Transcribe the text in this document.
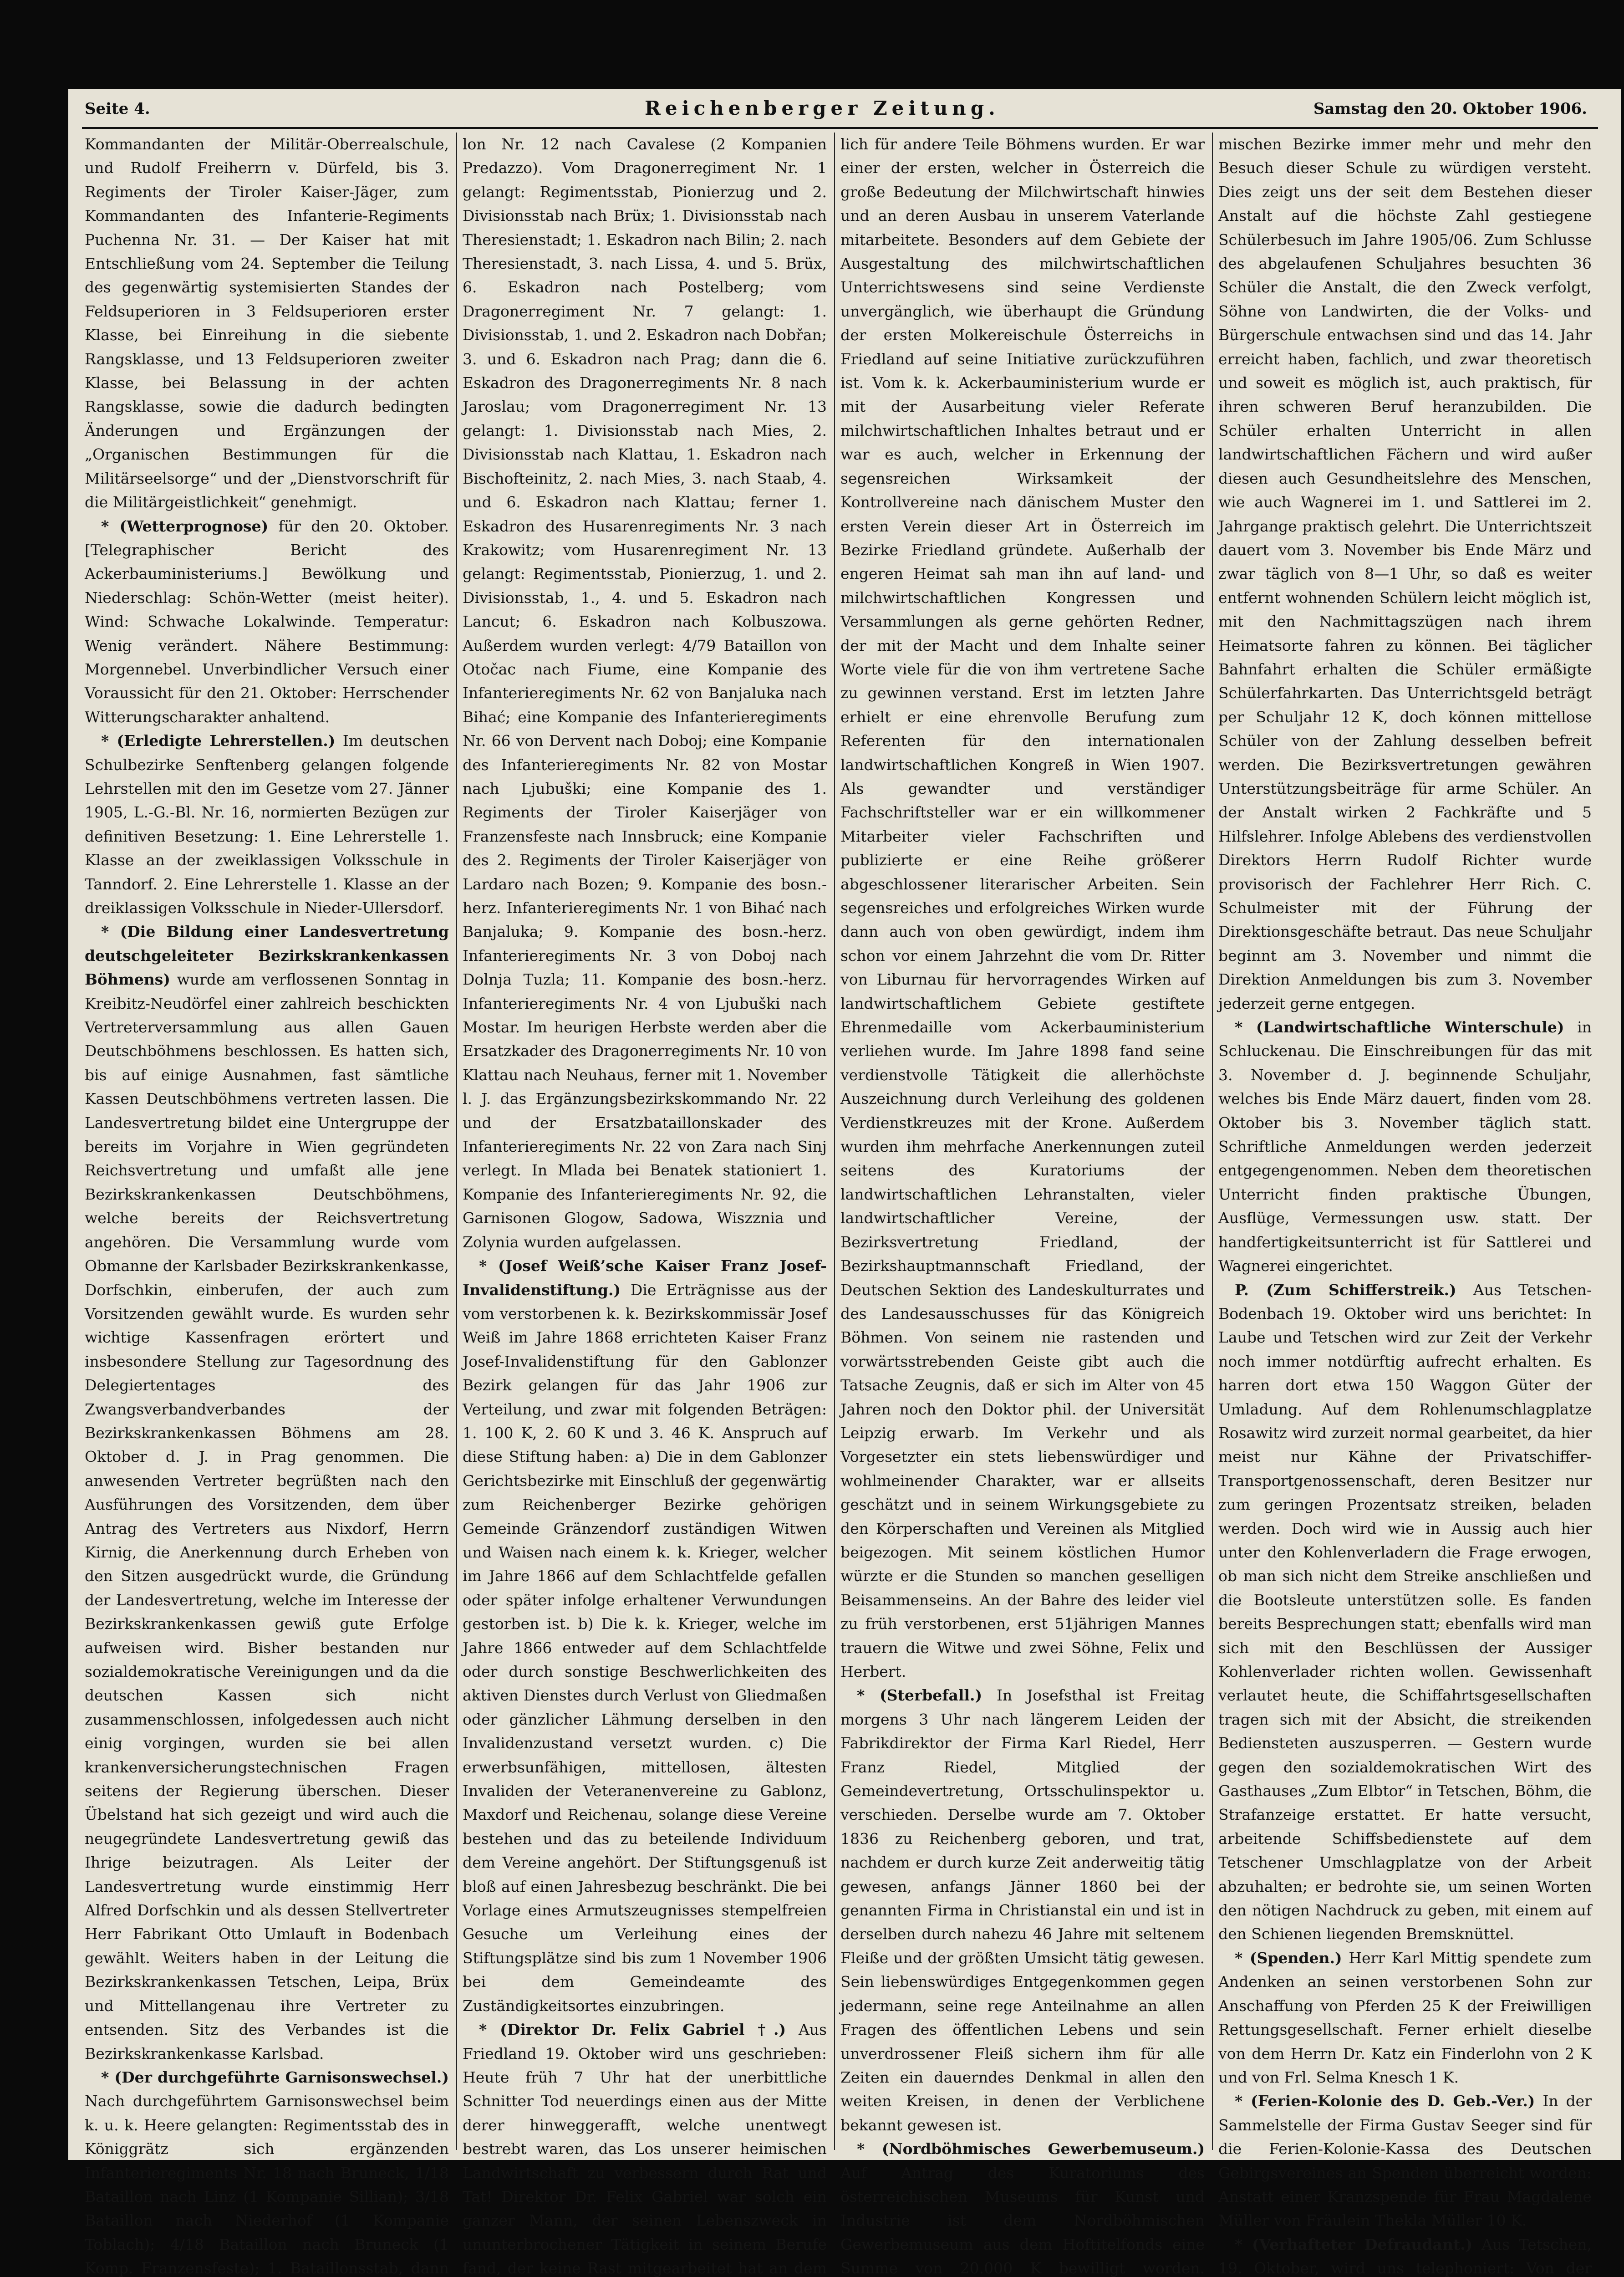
Seite 4.	Reichenberger Zeitung.	Samstag den 20. Oktober 1906.

Kommandanten der Militär-Oberrealschule, und Rudolf Freiherrn v. Dürfeld, bis 3. Regiments der Tiroler Kaiser-Jäger, zum Kommandanten des Infanterie-Regiments Puchenna Nr. 31. — Der Kaiser hat mit Entschließung vom 24. September die Teilung des gegenwärtig systemisierten Standes der Feldsuperioren in 3 Feldsuperioren erster Klasse, bei Einreihung in die siebente Rangsklasse, und 13 Feldsuperioren zweiter Klasse, bei Belassung in der achten Rangsklasse, sowie die dadurch bedingten Änderungen und Ergänzungen der „Organischen Bestimmungen für die Militärseelsorge“ und der „Dienstvorschrift für die Militärgeistlichkeit“ genehmigt.

* (Wetterprognose) für den 20. Oktober. [Telegraphischer Bericht des Ackerbauministeriums.] Bewölkung und Niederschlag: Schön-Wetter (meist heiter). Wind: Schwache Lokalwinde. Temperatur: Wenig verändert. Nähere Bestimmung: Morgennebel. Unverbindlicher Versuch einer Voraussicht für den 21. Oktober: Herrschender Witterungscharakter anhaltend.

* (Erledigte Lehrerstellen.) Im deutschen Schulbezirke Senftenberg gelangen folgende Lehrstellen mit den im Gesetze vom 27. Jänner 1905, L.-G.-Bl. Nr. 16, normierten Bezügen zur definitiven Besetzung: 1. Eine Lehrerstelle 1. Klasse an der zweiklassigen Volksschule in Tanndorf. 2. Eine Lehrerstelle 1. Klasse an der dreiklassigen Volksschule in Nieder-Ullersdorf.

* (Die Bildung einer Landesvertretung deutschgeleiteter Bezirkskrankenkassen Böhmens) wurde am verflossenen Sonntag in Kreibitz-Neudörfel einer zahlreich beschickten Vertreterversammlung aus allen Gauen Deutschböhmens beschlossen. Es hatten sich, bis auf einige Ausnahmen, fast sämtliche Kassen Deutschböhmens vertreten lassen. Die Landesvertretung bildet eine Untergruppe der bereits im Vorjahre in Wien gegründeten Reichsvertretung und umfaßt alle jene Bezirkskrankenkassen Deutschböhmens, welche bereits der Reichsvertretung angehören. Die Versammlung wurde vom Obmanne der Karlsbader Bezirkskrankenkasse, Dorfschkin, einberufen, der auch zum Vorsitzenden gewählt wurde. Es wurden sehr wichtige Kassenfragen erörtert und insbesondere Stellung zur Tagesordnung des Delegiertentages des Zwangsverbandverbandes der Bezirkskrankenkassen Böhmens am 28. Oktober d. J. in Prag genommen. Die anwesenden Vertreter begrüßten nach den Ausführungen des Vorsitzenden, dem über Antrag des Vertreters aus Nixdorf, Herrn Kirnig, die Anerkennung durch Erheben von den Sitzen ausgedrückt wurde, die Gründung der Landesvertretung, welche im Interesse der Bezirkskrankenkassen gewiß gute Erfolge aufweisen wird. Bisher bestanden nur sozialdemokratische Vereinigungen und da die deutschen Kassen sich nicht zusammenschlossen, infolgedessen auch nicht einig vorgingen, wurden sie bei allen krankenversicherungstechnischen Fragen seitens der Regierung überschen. Dieser Übelstand hat sich gezeigt und wird auch die neugegründete Landesvertretung gewiß das Ihrige beizutragen. Als Leiter der Landesvertretung wurde einstimmig Herr Alfred Dorfschkin und als dessen Stellvertreter Herr Fabrikant Otto Umlauft in Bodenbach gewählt. Weiters haben in der Leitung die Bezirkskrankenkassen Tetschen, Leipa, Brüx und Mittellangenau ihre Vertreter zu entsenden. Sitz des Verbandes ist die Bezirkskrankenkasse Karlsbad.

* (Der durchgeführte Garnisonswechsel.) Nach durchgeführtem Garnisonswechsel beim k. u. k. Heere gelangten: Regimentsstab des in Königgrätz sich ergänzenden Infanterieregiments Nr. 18 nach Bruneck, 1/18 Bataillon nach Linz (1 Kompanie Sillian); 3/18 Bataillon nach Niederhof (1 Kompanie Toblach); 4/18 Bataillon nach Bruneck (1 Komp. Franzensfeste); 1. Bataillonsstab, dann

lon Nr. 12 nach Cavalese (2 Kompanien Predazzo). Vom Dragonerregiment Nr. 1 gelangt: Regimentsstab, Pionierzug und 2. Divisionsstab nach Brüx; 1. Divisionsstab nach Theresienstadt; 1. Eskadron nach Bilin; 2. nach Theresienstadt, 3. nach Lissa, 4. und 5. Brüx, 6. Eskadron nach Postelberg; vom Dragonerregiment Nr. 7 gelangt: 1. Divisionsstab, 1. und 2. Eskadron nach Dobřan; 3. und 6. Eskadron nach Prag; dann die 6. Eskadron des Dragonerregiments Nr. 8 nach Jaroslau; vom Dragonerregiment Nr. 13 gelangt: 1. Divisionsstab nach Mies, 2. Divisionsstab nach Klattau, 1. Eskadron nach Bischofteinitz, 2. nach Mies, 3. nach Staab, 4. und 6. Eskadron nach Klattau; ferner 1. Eskadron des Husarenregiments Nr. 3 nach Krakowitz; vom Husarenregiment Nr. 13 gelangt: Regimentsstab, Pionierzug, 1. und 2. Divisionsstab, 1., 4. und 5. Eskadron nach Lancut; 6. Eskadron nach Kolbuszowa. Außerdem wurden verlegt: 4/79 Bataillon von Otočac nach Fiume, eine Kompanie des Infanterieregiments Nr. 62 von Banjaluka nach Bihać; eine Kompanie des Infanterieregiments Nr. 66 von Dervent nach Doboj; eine Kompanie des Infanterieregiments Nr. 82 von Mostar nach Ljubuški; eine Kompanie des 1. Regiments der Tiroler Kaiserjäger von Franzensfeste nach Innsbruck; eine Kompanie des 2. Regiments der Tiroler Kaiserjäger von Lardaro nach Bozen; 9. Kompanie des bosn.-herz. Infanterieregiments Nr. 1 von Bihać nach Banjaluka; 9. Kompanie des bosn.-herz. Infanterieregiments Nr. 3 von Doboj nach Dolnja Tuzla; 11. Kompanie des bosn.-herz. Infanterieregiments Nr. 4 von Ljubuški nach Mostar. Im heurigen Herbste werden aber die Ersatzkader des Dragonerregiments Nr. 10 von Klattau nach Neuhaus, ferner mit 1. November l. J. das Ergänzungsbezirkskommando Nr. 22 und der Ersatzbataillonskader des Infanterieregiments Nr. 22 von Zara nach Sinj verlegt. In Mlada bei Benatek stationiert 1. Kompanie des Infanterieregiments Nr. 92, die Garnisonen Glogow, Sadowa, Wiszznia und Zolynia wurden aufgelassen.

* (Josef Weiß’sche Kaiser Franz Josef-Invalidenstiftung.) Die Erträgnisse aus der vom verstorbenen k. k. Bezirkskommissär Josef Weiß im Jahre 1868 errichteten Kaiser Franz Josef-Invalidenstiftung für den Gablonzer Bezirk gelangen für das Jahr 1906 zur Verteilung, und zwar mit folgenden Beträgen: 1. 100 K, 2. 60 K und 3. 46 K. Anspruch auf diese Stiftung haben: a) Die in dem Gablonzer Gerichtsbezirke mit Einschluß der gegenwärtig zum Reichenberger Bezirke gehörigen Gemeinde Gränzendorf zuständigen Witwen und Waisen nach einem k. k. Krieger, welcher im Jahre 1866 auf dem Schlachtfelde gefallen oder später infolge erhaltener Verwundungen gestorben ist. b) Die k. k. Krieger, welche im Jahre 1866 entweder auf dem Schlachtfelde oder durch sonstige Beschwerlichkeiten des aktiven Dienstes durch Verlust von Gliedmaßen oder gänzlicher Lähmung derselben in den Invalidenzustand versetzt wurden. c) Die erwerbsunfähigen, mittellosen, ältesten Invaliden der Veteranenvereine zu Gablonz, Maxdorf und Reichenau, solange diese Vereine bestehen und das zu beteilende Individuum dem Vereine angehört. Der Stiftungsgenuß ist bloß auf einen Jahresbezug beschränkt. Die bei Vorlage eines Armutszeugnisses stempelfreien Gesuche um Verleihung eines der Stiftungsplätze sind bis zum 1 November 1906 bei dem Gemeindeamte des Zuständigkeitsortes einzubringen.

* (Direktor Dr. Felix Gabriel †.) Aus Friedland 19. Oktober wird uns geschrieben: Heute früh 7 Uhr hat der unerbittliche Schnitter Tod neuerdings einen aus der Mitte derer hinweggerafft, welche unentwegt bestrebt waren, das Los unserer heimischen Landwirtschaft zu verbessern durch Rat und Tat! Direktor Dr. Felix Gabriel war solch ein ganzer Mann, der seinen Lebenszweck in ununterbrochener Tätigkeit in seinem Berufe fand, der keine Rast mitgearbeitet hat an dem

lich für andere Teile Böhmens wurden. Er war einer der ersten, welcher in Österreich die große Bedeutung der Milchwirtschaft hinwies und an deren Ausbau in unserem Vaterlande mitarbeitete. Besonders auf dem Gebiete der Ausgestaltung des milchwirtschaftlichen Unterrichtswesens sind seine Verdienste unvergänglich, wie überhaupt die Gründung der ersten Molkereischule Österreichs in Friedland auf seine Initiative zurückzuführen ist. Vom k. k. Ackerbauministerium wurde er mit der Ausarbeitung vieler Referate milchwirtschaftlichen Inhaltes betraut und er war es auch, welcher in Erkennung der segensreichen Wirksamkeit der Kontrollvereine nach dänischem Muster den ersten Verein dieser Art in Österreich im Bezirke Friedland gründete. Außerhalb der engeren Heimat sah man ihn auf land- und milchwirtschaftlichen Kongressen und Versammlungen als gerne gehörten Redner, der mit der Macht und dem Inhalte seiner Worte viele für die von ihm vertretene Sache zu gewinnen verstand. Erst im letzten Jahre erhielt er eine ehrenvolle Berufung zum Referenten für den internationalen landwirtschaftlichen Kongreß in Wien 1907. Als gewandter und verständiger Fachschriftsteller war er ein willkommener Mitarbeiter vieler Fachschriften und publizierte er eine Reihe größerer abgeschlossener literarischer Arbeiten. Sein segensreiches und erfolgreiches Wirken wurde dann auch von oben gewürdigt, indem ihm schon vor einem Jahrzehnt die vom Dr. Ritter von Liburnau für hervorragendes Wirken auf landwirtschaftlichem Gebiete gestiftete Ehrenmedaille vom Ackerbauministerium verliehen wurde. Im Jahre 1898 fand seine verdienstvolle Tätigkeit die allerhöchste Auszeichnung durch Verleihung des goldenen Verdienstkreuzes mit der Krone. Außerdem wurden ihm mehrfache Anerkennungen zuteil seitens des Kuratoriums der landwirtschaftlichen Lehranstalten, vieler landwirtschaftlicher Vereine, der Bezirksvertretung Friedland, der Bezirkshauptmannschaft Friedland, der Deutschen Sektion des Landeskulturrates und des Landesausschusses für das Königreich Böhmen. Von seinem nie rastenden und vorwärtsstrebenden Geiste gibt auch die Tatsache Zeugnis, daß er sich im Alter von 45 Jahren noch den Doktor phil. der Universität Leipzig erwarb. Im Verkehr und als Vorgesetzter ein stets liebenswürdiger und wohlmeinender Charakter, war er allseits geschätzt und in seinem Wirkungsgebiete zu den Körperschaften und Vereinen als Mitglied beigezogen. Mit seinem köstlichen Humor würzte er die Stunden so manchen geselligen Beisammenseins. An der Bahre des leider viel zu früh verstorbenen, erst 51jährigen Mannes trauern die Witwe und zwei Söhne, Felix und Herbert.

* (Sterbefall.) In Josefsthal ist Freitag morgens 3 Uhr nach längerem Leiden der Fabrikdirektor der Firma Karl Riedel, Herr Franz Riedel, Mitglied der Gemeindevertretung, Ortsschulinspektor u. verschieden. Derselbe wurde am 7. Oktober 1836 zu Reichenberg geboren, und trat, nachdem er durch kurze Zeit anderweitig tätig gewesen, anfangs Jänner 1860 bei der genannten Firma in Christianstal ein und ist in derselben durch nahezu 46 Jahre mit seltenem Fleiße und der größten Umsicht tätig gewesen. Sein liebenswürdiges Entgegenkommen gegen jedermann, seine rege Anteilnahme an allen Fragen des öffentlichen Lebens und sein unverdrossener Fleiß sichern ihm für alle Zeiten ein dauerndes Denkmal in allen den weiten Kreisen, in denen der Verblichene bekannt gewesen ist.

* (Nordböhmisches Gewerbemuseum.) Auf Antrag des Kuratoriums des österreichischen Museums für Kunst und Industrie ist dem Nordböhmischen Gewerbemuseum aus dem Hoftitelfonds eine Summe von 20.000 K bewilligt worden.

mischen Bezirke immer mehr und mehr den Besuch dieser Schule zu würdigen versteht. Dies zeigt uns der seit dem Bestehen dieser Anstalt auf die höchste Zahl gestiegene Schülerbesuch im Jahre 1905/06. Zum Schlusse des abgelaufenen Schuljahres besuchten 36 Schüler die Anstalt, die den Zweck verfolgt, Söhne von Landwirten, die der Volks- und Bürgerschule entwachsen sind und das 14. Jahr erreicht haben, fachlich, und zwar theoretisch und soweit es möglich ist, auch praktisch, für ihren schweren Beruf heranzubilden. Die Schüler erhalten Unterricht in allen landwirtschaftlichen Fächern und wird außer diesen auch Gesundheitslehre des Menschen, wie auch Wagnerei im 1. und Sattlerei im 2. Jahrgange praktisch gelehrt. Die Unterrichtszeit dauert vom 3. November bis Ende März und zwar täglich von 8—1 Uhr, so daß es weiter entfernt wohnenden Schülern leicht möglich ist, mit den Nachmittagszügen nach ihrem Heimatsorte fahren zu können. Bei täglicher Bahnfahrt erhalten die Schüler ermäßigte Schülerfahrkarten. Das Unterrichtsgeld beträgt per Schuljahr 12 K, doch können mittellose Schüler von der Zahlung desselben befreit werden. Die Bezirksvertretungen gewähren Unterstützungsbeiträge für arme Schüler. An der Anstalt wirken 2 Fachkräfte und 5 Hilfslehrer. Infolge Ablebens des verdienstvollen Direktors Herrn Rudolf Richter wurde provisorisch der Fachlehrer Herr Rich. C. Schulmeister mit der Führung der Direktionsgeschäfte betraut. Das neue Schuljahr beginnt am 3. November und nimmt die Direktion Anmeldungen bis zum 3. November jederzeit gerne entgegen.

* (Landwirtschaftliche Winterschule) in Schluckenau. Die Einschreibungen für das mit 3. November d. J. beginnende Schuljahr, welches bis Ende März dauert, finden vom 28. Oktober bis 3. November täglich statt. Schriftliche Anmeldungen werden jederzeit entgegengenommen. Neben dem theoretischen Unterricht finden praktische Übungen, Ausflüge, Vermessungen usw. statt. Der handfertigkeitsunterricht ist für Sattlerei und Wagnerei eingerichtet.

P. (Zum Schifferstreik.) Aus Tetschen-Bodenbach 19. Oktober wird uns berichtet: In Laube und Tetschen wird zur Zeit der Verkehr noch immer notdürftig aufrecht erhalten. Es harren dort etwa 150 Waggon Güter der Umladung. Auf dem Rohlenumschlagplatze Rosawitz wird zurzeit normal gearbeitet, da hier meist nur Kähne der Privatschiffer-Transportgenossenschaft, deren Besitzer nur zum geringen Prozentsatz streiken, beladen werden. Doch wird wie in Aussig auch hier unter den Kohlenverladern die Frage erwogen, ob man sich nicht dem Streike anschließen und die Bootsleute unterstützen solle. Es fanden bereits Besprechungen statt; ebenfalls wird man sich mit den Beschlüssen der Aussiger Kohlenverlader richten wollen. Gewissenhaft verlautet heute, die Schiffahrtsgesellschaften tragen sich mit der Absicht, die streikenden Bediensteten auszusperren. — Gestern wurde gegen den sozialdemokratischen Wirt des Gasthauses „Zum Elbtor“ in Tetschen, Böhm, die Strafanzeige erstattet. Er hatte versucht, arbeitende Schiffsbedienstete auf dem Tetschener Umschlagplatze von der Arbeit abzuhalten; er bedrohte sie, um seinen Worten den nötigen Nachdruck zu geben, mit einem auf den Schienen liegenden Bremsknüttel.

* (Spenden.) Herr Karl Mittig spendete zum Andenken an seinen verstorbenen Sohn zur Anschaffung von Pferden 25 K der Freiwilligen Rettungsgesellschaft. Ferner erhielt dieselbe von dem Herrn Dr. Katz ein Finderlohn von 2 K und von Frl. Selma Knesch 1 K.

* (Ferien-Kolonie des D. Geb.-Ver.) In der Sammelstelle der Firma Gustav Seeger sind für die Ferien-Kolonie-Kassa des Deutschen Gebirgsvereines an Spenden überreicht worden: Anstatt einer Kranzspende für Frau Magdalene Müller von Fräulein Thekla Müller 10 K.

* (Verhafteter Defraudant.) Aus Tetschen, 19. Oktober, wird uns telephoniert: Von der
